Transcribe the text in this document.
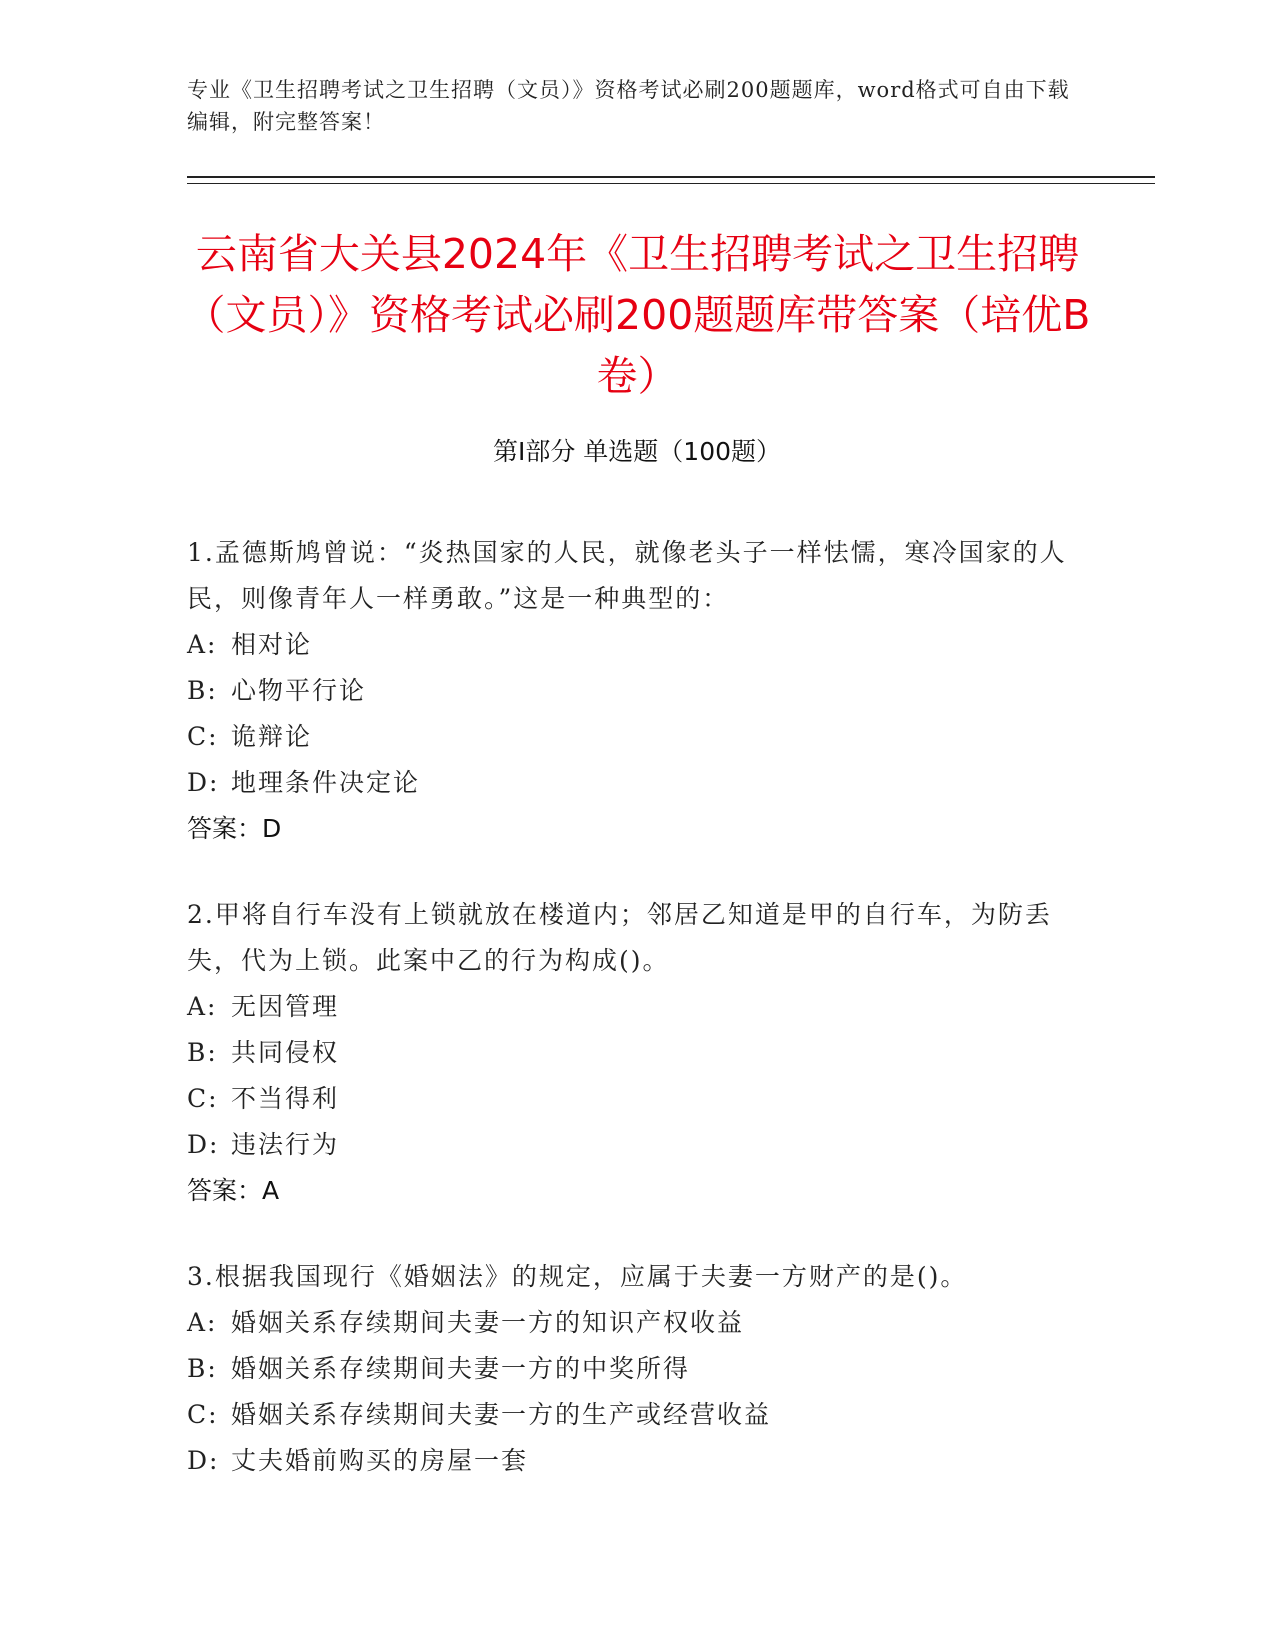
专业《卫生招聘考试之卫生招聘（文员）》资格考试必刷200题题库，word格式可自由下载编辑，附完整答案！
云南省大关县2024年《卫生招聘考试之卫生招聘（文员）》资格考试必刷200题题库带答案（培优B卷）
第Ⅰ部分 单选题（100题）

1.孟德斯鸠曾说：“炎热国家的人民，就像老头子一样怯懦，寒冷国家的人民，则像青年人一样勇敢。”这是一种典型的：

A: 相对论

B: 心物平行论

C: 诡辩论

D: 地理条件决定论

答案：D

2.甲将自行车没有上锁就放在楼道内；邻居乙知道是甲的自行车，为防丢失，代为上锁。此案中乙的行为构成()。

A: 无因管理

B: 共同侵权

C: 不当得利

D: 违法行为

答案：A

3.根据我国现行《婚姻法》的规定，应属于夫妻一方财产的是()。

A: 婚姻关系存续期间夫妻一方的知识产权收益

B: 婚姻关系存续期间夫妻一方的中奖所得

C: 婚姻关系存续期间夫妻一方的生产或经营收益

D: 丈夫婚前购买的房屋一套
